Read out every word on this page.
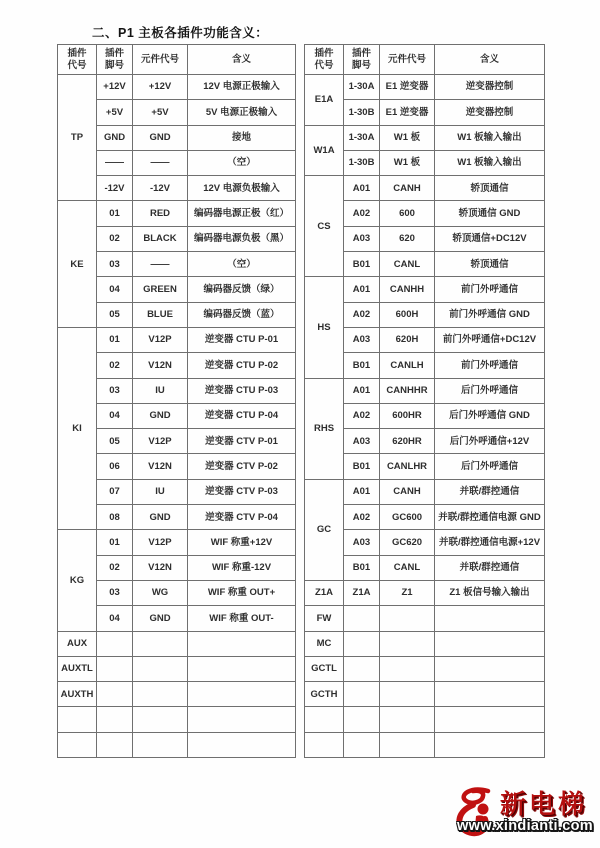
二、P1 主板各插件功能含义：
插件
代号	插件
脚号	元件代号	含义
TP	+12V	+12V	12V 电源正极输入
	+5V	+5V	5V 电源正极输入
	GND	GND	接地
	——	——	（空）
	-12V	-12V	12V 电源负极输入
KE	01	RED	编码器电源正极（红）
	02	BLACK	编码器电源负极（黑）
	03	——	（空）
	04	GREEN	编码器反馈（绿）
	05	BLUE	编码器反馈（蓝）
KI	01	V12P	逆变器 CTU P-01
	02	V12N	逆变器 CTU P-02
	03	IU	逆变器 CTU P-03
	04	GND	逆变器 CTU P-04
	05	V12P	逆变器 CTV P-01
	06	V12N	逆变器 CTV P-02
	07	IU	逆变器 CTV P-03
	08	GND	逆变器 CTV P-04
KG	01	V12P	WIF 称重+12V
	02	V12N	WIF 称重-12V
	03	WG	WIF 称重 OUT+
	04	GND	WIF 称重 OUT-
AUX			
AUXTL			
AUXTH			

插件
代号	插件
脚号	元件代号	含义
E1A	1-30A	E1 逆变器	逆变器控制
	1-30B	E1 逆变器	逆变器控制
W1A	1-30A	W1 板	W1 板输入输出
	1-30B	W1 板	W1 板输入输出
CS	A01	CANH	轿顶通信
	A02	600	轿顶通信 GND
	A03	620	轿顶通信+DC12V
	B01	CANL	轿顶通信
HS	A01	CANHH	前门外呼通信
	A02	600H	前门外呼通信 GND
	A03	620H	前门外呼通信+DC12V
	B01	CANLH	前门外呼通信
RHS	A01	CANHHR	后门外呼通信
	A02	600HR	后门外呼通信 GND
	A03	620HR	后门外呼通信+12V
	B01	CANLHR	后门外呼通信
GC	A01	CANH	并联/群控通信
	A02	GC600	并联/群控通信电源 GND
	A03	GC620	并联/群控通信电源+12V
	B01	CANL	并联/群控通信
Z1A	Z1A	Z1	Z1 板信号输入输出
FW			
MC			
GCTL			
GCTH			

新电梯
www.xindianti.com
